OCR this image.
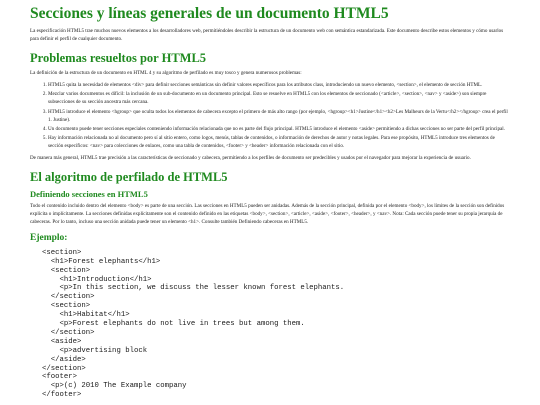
Secciones y líneas generales de un documento HTML5

La especificación HTML5 trae muchos nuevos elementos a los desarrolladores web, permitiéndoles describir la estructura de un documento web con semántica estandarizada. Este documento describe estos elementos y cómo usarlos para definir el perfil de cualquier documento.

Problemas resueltos por HTML5

La definición de la estructura de un documento en HTML 4 y su algoritmo de perfilado es muy tosco y genera numerosos problemas:

1. HTML5 quita la necesidad de elementos <div> para definir secciones semánticas sin definir valores específicos para los atributos class, introduciendo un nuevo elemento, <section>, el elemento de sección HTML.
2. Mezclar varios documentos es difícil: la inclusión de un sub-documento en un documento principal. Esto se resuelve en HTML5 con los elementos de seccionado (<article>, <section>, <nav> y <aside>) son siempre subsecciones de su sección ancestra más cercana.
3. HTML5 introduce el elemento <hgroup> que oculta todos los elementos de cabecera excepto el primero de más alto rango (por ejemplo, <hgroup><h1>Justine</h1><h2>Les Malheurs de la Vertu</h2></hgroup> crea el perfil 1. Justine).
4. Un documento puede tener secciones especiales conteniendo información relacionada que no es parte del flujo principal. HTML5 introduce el elemento <aside> permitiendo a dichas secciones no ser parte del perfil principal.
5. Hay información relacionada no al documento pero sí al sitio entero, como logos, menús, tablas de contenidos, o información de derechos de autor y notas legales. Para ese propósito, HTML5 introduce tres elementos de sección específicos: <nav> para colecciones de enlaces, como una tabla de contenidos, <footer> y <header> información relacionada con el sitio.

De manera más general, HTML5 trae precisión a las características de seccionado y cabecera, permitiendo a los perfiles de documento ser predecibles y usados por el navegador para mejorar la experiencia de usuario.

El algoritmo de perfilado de HTML5
Definiendo secciones en HTML5

Todo el contenido incluido dentro del elemento <body> es parte de una sección. Las secciones en HTML5 pueden ser anidadas. Además de la sección principal, definida por el elemento <body>, los límites de la sección son definidos explícita o implícitamente. La secciones definidas explícitamente son el contenido definido en las etiquetas <body>, <section>, <article>, <aside>, <footer>, <header>, y <nav>. Nota: Cada sección puede tener su propia jerarquía de cabeceras. Por lo tanto, incluso una sección anidada puede tener un elemento <h1>. Consulte también Definiendo cabeceras en HTML5.

Ejemplo:
<section>
<h1>Forest elephants</h1>
<section>
<h1>Introduction</h1>
<p>In this section, we discuss the lesser known forest elephants.
</section>
<section>
<h1>Habitat</h1>
<p>Forest elephants do not live in trees but among them.
</section>
<aside>
<p>advertising block
</aside>
</section>
<footer>
<p>(c) 2010 The Example company
</footer>
